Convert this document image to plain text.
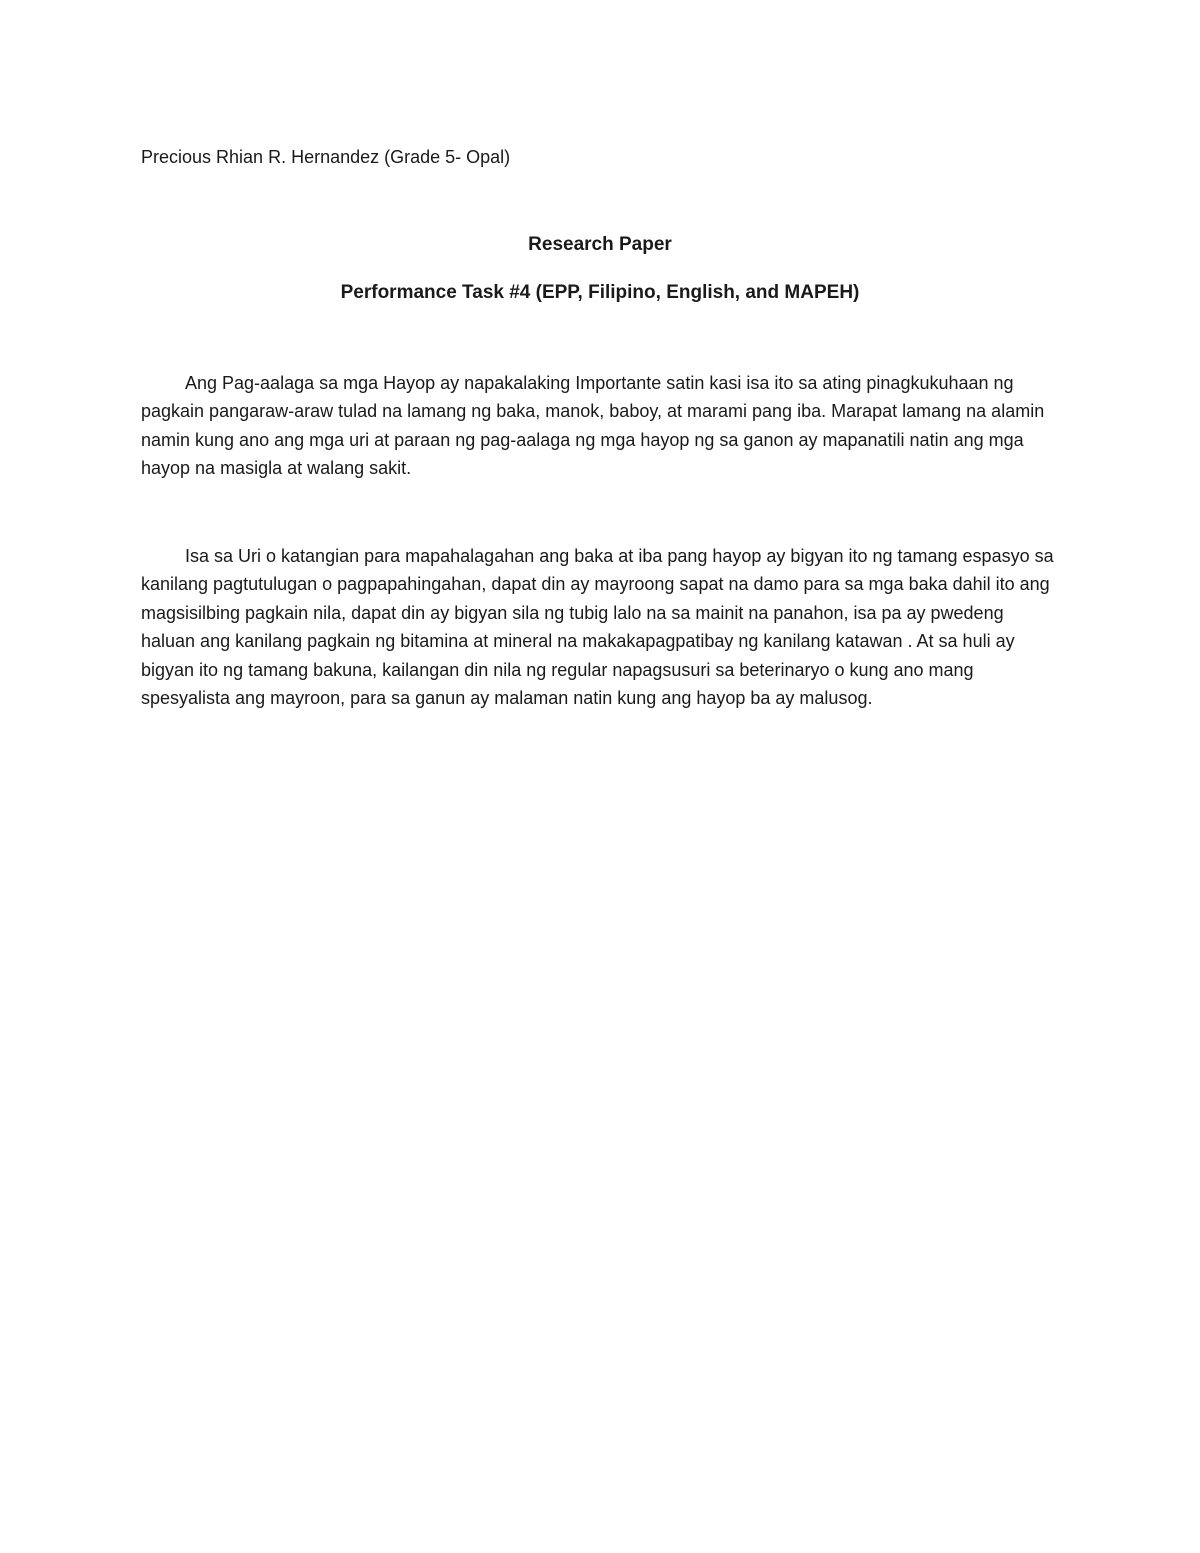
Precious Rhian R. Hernandez (Grade 5- Opal)
Research Paper
Performance Task #4 (EPP, Filipino, English, and MAPEH)

Ang Pag-aalaga sa mga Hayop ay napakalaking Importante satin kasi isa ito sa ating pinagkukuhaan ng pagkain pangaraw-araw tulad na lamang ng baka, manok, baboy, at marami pang iba. Marapat lamang na alamin namin kung ano ang mga uri at paraan ng pag-aalaga ng mga hayop ng sa ganon ay mapanatili natin ang mga hayop na masigla at walang sakit.

Isa sa Uri o katangian para mapahalagahan ang baka at iba pang hayop ay bigyan ito ng tamang espasyo sa kanilang pagtutulugan o pagpapahingahan, dapat din ay mayroong sapat na damo para sa mga baka dahil ito ang magsisilbing pagkain nila, dapat din ay bigyan sila ng tubig lalo na sa mainit na panahon, isa pa ay pwedeng haluan ang kanilang pagkain ng bitamina at mineral na makakapagpatibay ng kanilang katawan . At sa huli ay bigyan ito ng tamang bakuna, kailangan din nila ng regular napagsusuri sa beterinaryo o kung ano mang spesyalista ang mayroon, para sa ganun ay malaman natin kung ang hayop ba ay malusog.
